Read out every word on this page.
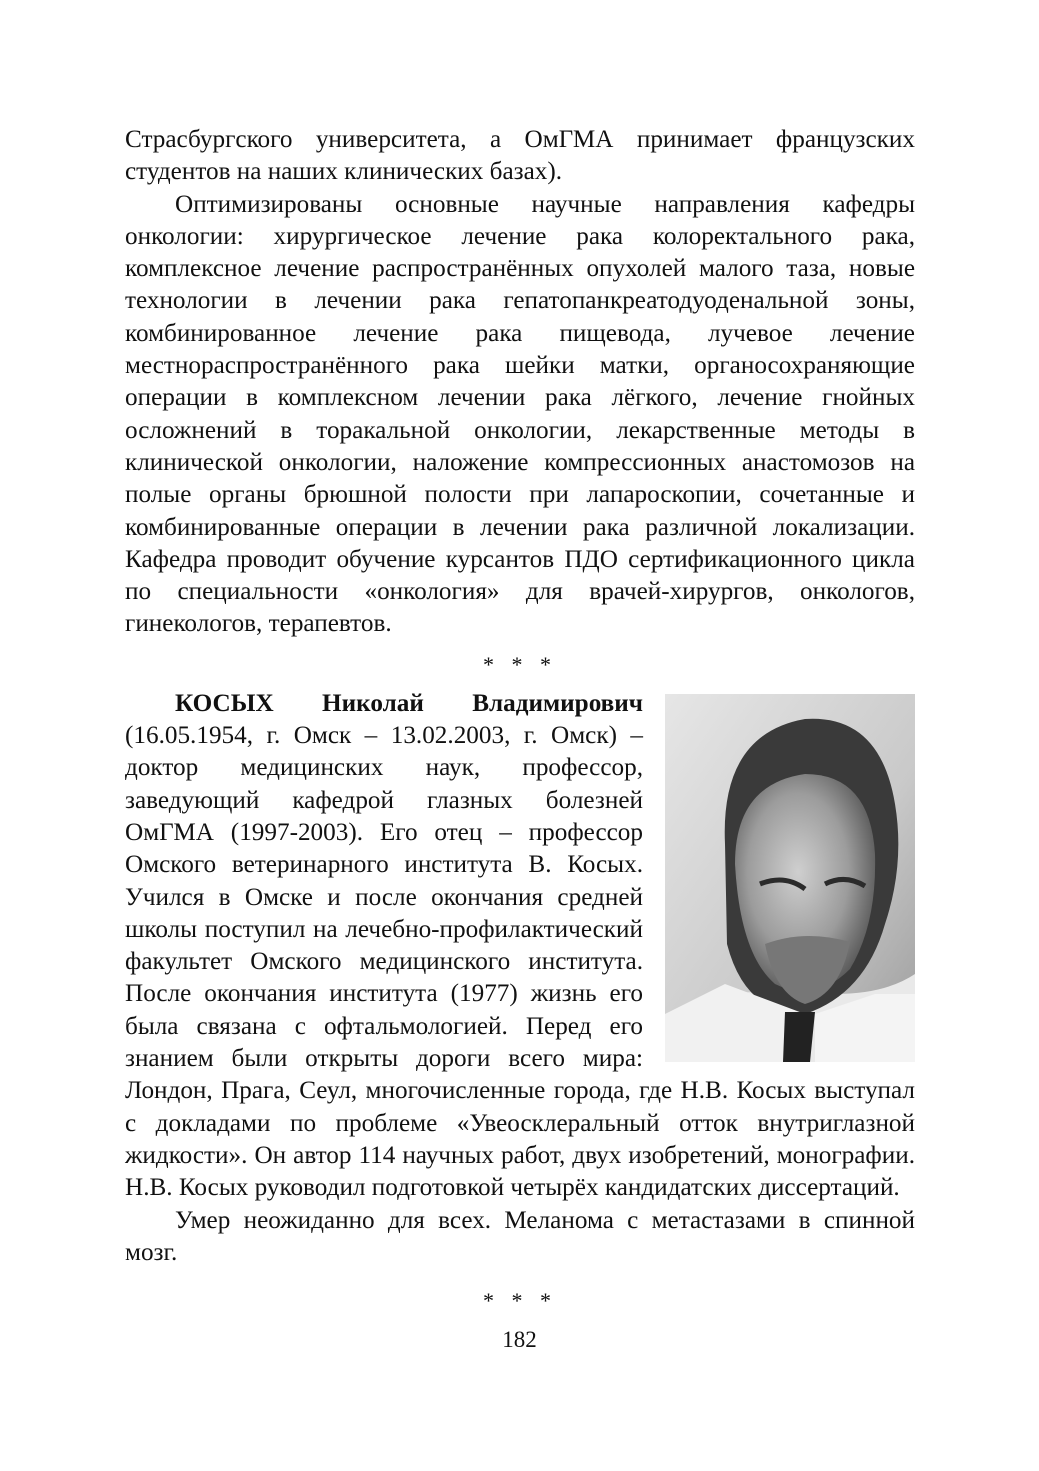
Страсбургского университета, а ОмГМА принимает французских студентов на наших клинических базах).

Оптимизированы основные научные направления кафедры онкологии: хирургическое лечение рака колоректального рака, комплексное лечение распространённых опухолей малого таза, новые технологии в лечении рака гепатопанкреатодуоденальной зоны, комбинированное лечение рака пищевода, лучевое лечение местнораспространённого рака шейки матки, органосохраняющие операции в комплексном лечении рака лёгкого, лечение гнойных осложнений в торакальной онкологии, лекарственные методы в клинической онкологии, наложение компрессионных анастомозов на полые органы брюшной полости при лапароскопии, сочетанные и комбинированные операции в лечении рака различной локализации. Кафедра проводит обучение курсантов ПДО сертификационного цикла по специальности «онкология» для врачей-хирургов, онкологов, гинекологов, терапевтов.

* * *
КОСЫХ Николай Владимирович

(16.05.1954, г. Омск – 13.02.2003, г. Омск) – доктор медицинских наук, профессор, заведующий кафедрой глазных болезней ОмГМА (1997-2003). Его отец – профессор Омского ветеринарного института В. Косых. Учился в Омске и после окончания средней школы поступил на лечебно-профилактический факультет Омского медицинского института. После окончания института (1977) жизнь его была связана с офтальмологией. Перед его знанием были открыты дороги всего мира: Лондон, Прага, Сеул, многочисленные города, где Н.В. Косых выступал с докладами по проблеме «Увеосклеральный отток внутриглазной жидкости». Он автор 114 научных работ, двух изобретений, монографии. Н.В. Косых руководил подготовкой четырёх кандидатских диссертаций.

Умер неожиданно для всех. Меланома с метастазами в спинной мозг.

* * *
182
